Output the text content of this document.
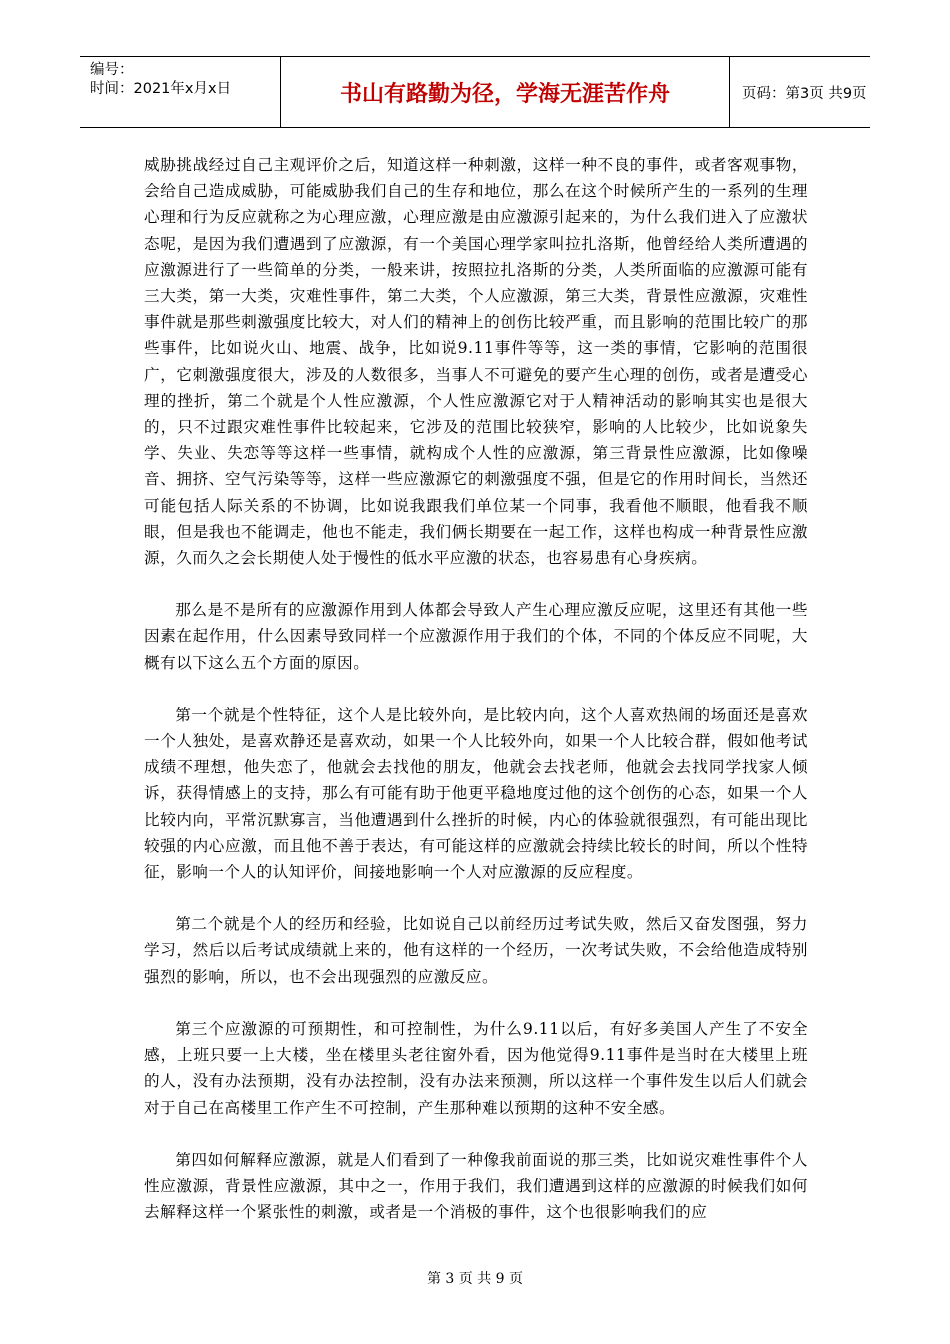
编号：
时间：2021年x月x日	书山有路勤为径，学海无涯苦作舟	页码：第3页 共9页

威胁挑战经过自己主观评价之后，知道这样一种刺激，这样一种不良的事件，或者客观事物，会给自己造成威胁，可能威胁我们自己的生存和地位，那么在这个时候所产生的一系列的生理心理和行为反应就称之为心理应激，心理应激是由应激源引起来的，为什么我们进入了应激状态呢，是因为我们遭遇到了应激源，有一个美国心理学家叫拉扎洛斯，他曾经给人类所遭遇的应激源进行了一些简单的分类，一般来讲，按照拉扎洛斯的分类，人类所面临的应激源可能有三大类，第一大类，灾难性事件，第二大类，个人应激源，第三大类，背景性应激源，灾难性事件就是那些刺激强度比较大，对人们的精神上的创伤比较严重，而且影响的范围比较广的那些事件，比如说火山、地震、战争，比如说9.11事件等等，这一类的事情，它影响的范围很广，它刺激强度很大，涉及的人数很多，当事人不可避免的要产生心理的创伤，或者是遭受心理的挫折，第二个就是个人性应激源，个人性应激源它对于人精神活动的影响其实也是很大的，只不过跟灾难性事件比较起来，它涉及的范围比较狭窄，影响的人比较少，比如说象失学、失业、失恋等等这样一些事情，就构成个人性的应激源，第三背景性应激源，比如像噪音、拥挤、空气污染等等，这样一些应激源它的刺激强度不强，但是它的作用时间长，当然还可能包括人际关系的不协调，比如说我跟我们单位某一个同事，我看他不顺眼，他看我不顺眼，但是我也不能调走，他也不能走，我们俩长期要在一起工作，这样也构成一种背景性应激源，久而久之会长期使人处于慢性的低水平应激的状态，也容易患有心身疾病。

那么是不是所有的应激源作用到人体都会导致人产生心理应激反应呢，这里还有其他一些因素在起作用，什么因素导致同样一个应激源作用于我们的个体，不同的个体反应不同呢，大概有以下这么五个方面的原因。

第一个就是个性特征，这个人是比较外向，是比较内向，这个人喜欢热闹的场面还是喜欢一个人独处，是喜欢静还是喜欢动，如果一个人比较外向，如果一个人比较合群，假如他考试成绩不理想，他失恋了，他就会去找他的朋友，他就会去找老师，他就会去找同学找家人倾诉，获得情感上的支持，那么有可能有助于他更平稳地度过他的这个创伤的心态，如果一个人比较内向，平常沉默寡言，当他遭遇到什么挫折的时候，内心的体验就很强烈，有可能出现比较强的内心应激，而且他不善于表达，有可能这样的应激就会持续比较长的时间，所以个性特征，影响一个人的认知评价，间接地影响一个人对应激源的反应程度。

第二个就是个人的经历和经验，比如说自己以前经历过考试失败，然后又奋发图强，努力学习，然后以后考试成绩就上来的，他有这样的一个经历，一次考试失败，不会给他造成特别强烈的影响，所以，也不会出现强烈的应激反应。

第三个应激源的可预期性，和可控制性，为什么9.11以后，有好多美国人产生了不安全感，上班只要一上大楼，坐在楼里头老往窗外看，因为他觉得9.11事件是当时在大楼里上班的人，没有办法预期，没有办法控制，没有办法来预测，所以这样一个事件发生以后人们就会对于自己在高楼里工作产生不可控制，产生那种难以预期的这种不安全感。

第四如何解释应激源，就是人们看到了一种像我前面说的那三类，比如说灾难性事件个人性应激源，背景性应激源，其中之一，作用于我们，我们遭遇到这样的应激源的时候我们如何去解释这样一个紧张性的刺激，或者是一个消极的事件，这个也很影响我们的应

第 3 页 共 9 页
